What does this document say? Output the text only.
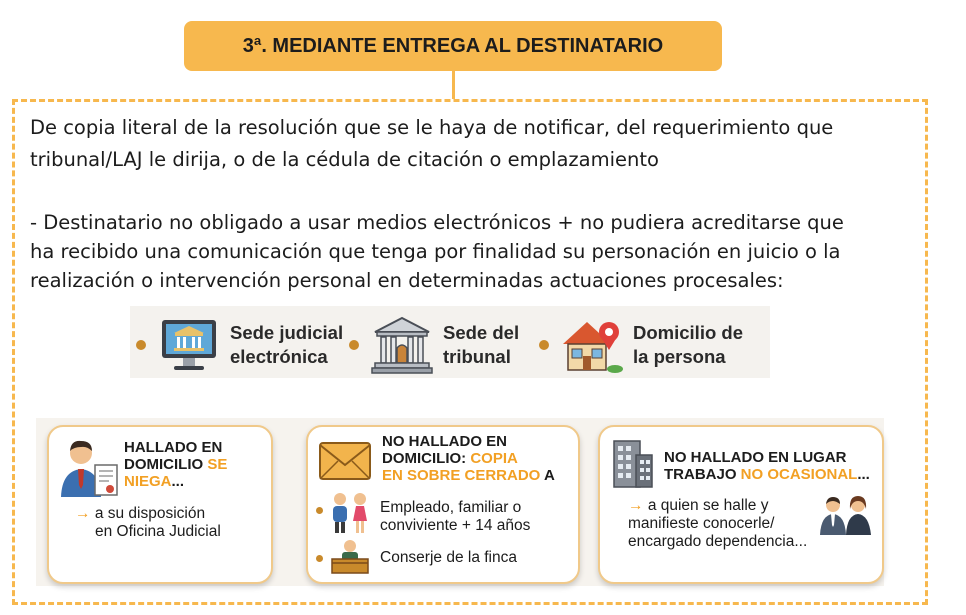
3ª. MEDIANTE ENTREGA AL DESTINATARIO
De copia literal de la resolución que se le haya de notificar, del requerimiento que
tribunal/LAJ le dirija, o de la cédula de citación o emplazamiento
- Destinatario no obligado a usar medios electrónicos + no pudiera acreditarse que
ha recibido una comunicación que tenga por finalidad su personación en juicio o la
realización o intervención personal en determinadas actuaciones procesales:
Sede judicial
electrónica
Sede del
tribunal
Domicilio de
la persona
HALLADO EN
DOMICILIO SE
NIEGA...
→ a su disposición
en Oficina Judicial
NO HALLADO EN
DOMICILIO: COPIA
EN SOBRE CERRADO A
Empleado, familiar o
conviviente + 14 años
Conserje de la finca
NO HALLADO EN LUGAR
TRABAJO NO OCASIONAL...
→ a quien se halle y
manifieste conocerle/
encargado dependencia...
